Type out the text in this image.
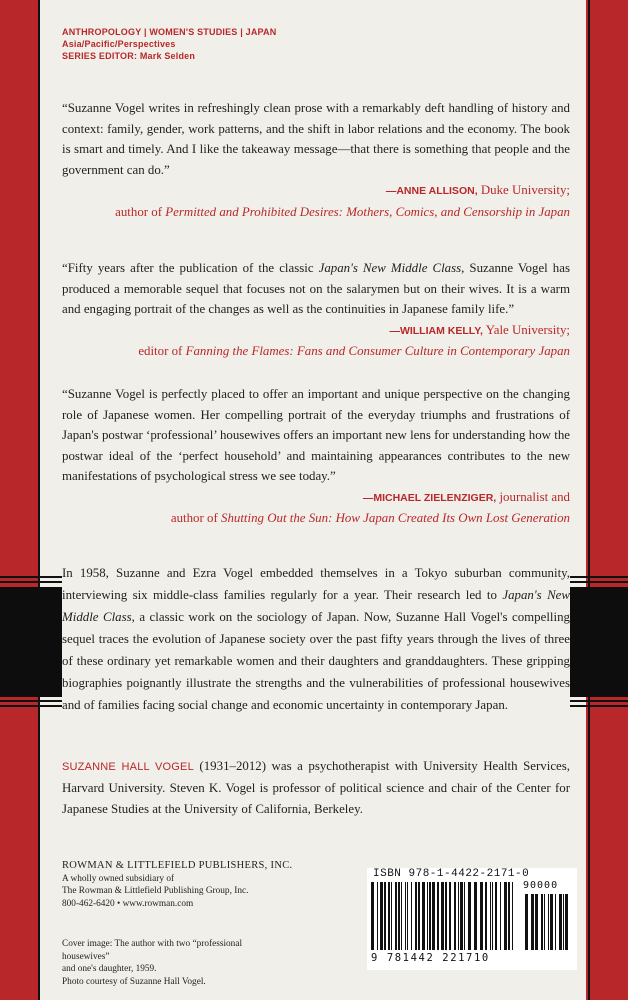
ANTHROPOLOGY | WOMEN'S STUDIES | JAPAN
Asia/Pacific/Perspectives
SERIES EDITOR: Mark Selden

“Suzanne Vogel writes in refreshingly clean prose with a remarkably deft handling of history and context: family, gender, work patterns, and the shift in labor relations and the economy. The book is smart and timely. And I like the takeaway message—that there is something that people and the government can do.”

—ANNE ALLISON, Duke University;
author of Permitted and Prohibited Desires: Mothers, Comics, and Censorship in Japan

“Fifty years after the publication of the classic Japan's New Middle Class, Suzanne Vogel has produced a memorable sequel that focuses not on the salarymen but on their wives. It is a warm and engaging portrait of the changes as well as the continuities in Japanese family life.”

—WILLIAM KELLY, Yale University;
editor of Fanning the Flames: Fans and Consumer Culture in Contemporary Japan

“Suzanne Vogel is perfectly placed to offer an important and unique perspective on the changing role of Japanese women. Her compelling portrait of the everyday triumphs and frustrations of Japan's postwar ‘professional’ housewives offers an important new lens for understanding how the postwar ideal of the ‘perfect household’ and maintaining appearances contributes to the new manifestations of psychological stress we see today.”

—MICHAEL ZIELENZIGER, journalist and
author of Shutting Out the Sun: How Japan Created Its Own Lost Generation
In 1958, Suzanne and Ezra Vogel embedded themselves in a Tokyo suburban community, interviewing six middle-class families regularly for a year. Their research led to Japan's New Middle Class, a classic work on the sociology of Japan. Now, Suzanne Hall Vogel's compelling sequel traces the evolution of Japanese society over the past fifty years through the lives of three of these ordinary yet remarkable women and their daughters and granddaughters. These gripping biographies poignantly illustrate the strengths and the vulnerabilities of professional housewives and of families facing social change and economic uncertainty in contemporary Japan.
SUZANNE HALL VOGEL (1931–2012) was a psychotherapist with University Health Services, Harvard University. Steven K. Vogel is professor of political science and chair of the Center for Japanese Studies at the University of California, Berkeley.
ROWMAN & LITTLEFIELD PUBLISHERS, INC.
A wholly owned subsidiary of
The Rowman & Littlefield Publishing Group, Inc.
800-462-6420 • www.rowman.com
Cover image: The author with two “professional housewives”
and one's daughter, 1959.
Photo courtesy of Suzanne Hall Vogel.
ISBN 978-1-4422-2171-0
90000
9 781442 221710
